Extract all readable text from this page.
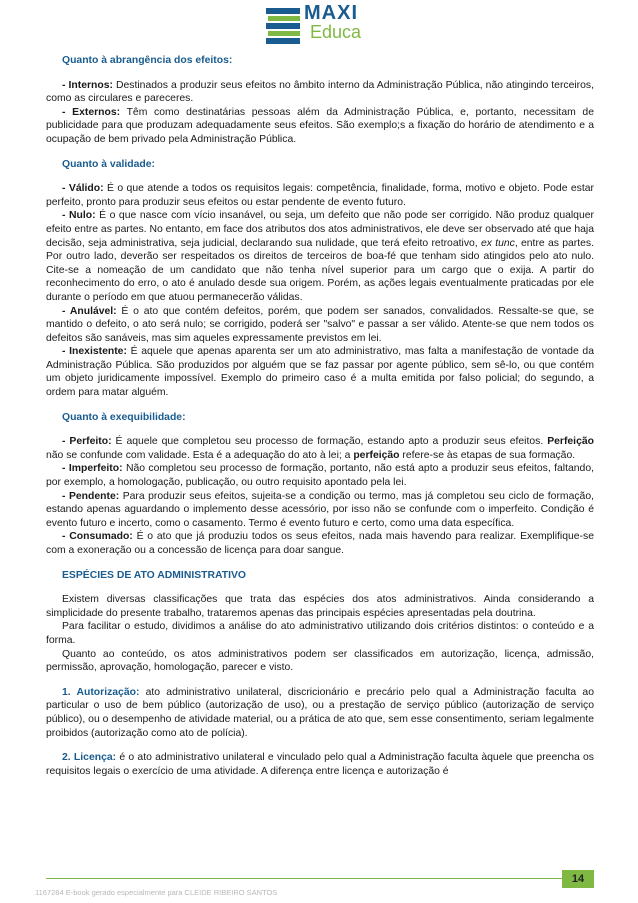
MAXI
Educa

Quanto à abrangência dos efeitos:

- Internos: Destinados a produzir seus efeitos no âmbito interno da Administração Pública, não atingindo terceiros, como as circulares e pareceres.

- Externos: Têm como destinatárias pessoas além da Administração Pública, e, portanto, necessitam de publicidade para que produzam adequadamente seus efeitos. São exemplo;s a fixação do horário de atendimento e a ocupação de bem privado pela Administração Pública.

Quanto à validade:

- Válido: É o que atende a todos os requisitos legais: competência, finalidade, forma, motivo e objeto. Pode estar perfeito, pronto para produzir seus efeitos ou estar pendente de evento futuro.

- Nulo: É o que nasce com vício insanável, ou seja, um defeito que não pode ser corrigido. Não produz qualquer efeito entre as partes. No entanto, em face dos atributos dos atos administrativos, ele deve ser observado até que haja decisão, seja administrativa, seja judicial, declarando sua nulidade, que terá efeito retroativo, ex tunc, entre as partes. Por outro lado, deverão ser respeitados os direitos de terceiros de boa-fé que tenham sido atingidos pelo ato nulo. Cite-se a nomeação de um candidato que não tenha nível superior para um cargo que o exija. A partir do reconhecimento do erro, o ato é anulado desde sua origem. Porém, as ações legais eventualmente praticadas por ele durante o período em que atuou permanecerão válidas.

- Anulável: É o ato que contém defeitos, porém, que podem ser sanados, convalidados. Ressalte-se que, se mantido o defeito, o ato será nulo; se corrigido, poderá ser "salvo" e passar a ser válido. Atente-se que nem todos os defeitos são sanáveis, mas sim aqueles expressamente previstos em lei.

- Inexistente: É aquele que apenas aparenta ser um ato administrativo, mas falta a manifestação de vontade da Administração Pública. São produzidos por alguém que se faz passar por agente público, sem sê-lo, ou que contém um objeto juridicamente impossível. Exemplo do primeiro caso é a multa emitida por falso policial; do segundo, a ordem para matar alguém.

Quanto à exequibilidade:

- Perfeito: É aquele que completou seu processo de formação, estando apto a produzir seus efeitos. Perfeição não se confunde com validade. Esta é a adequação do ato à lei; a perfeição refere-se às etapas de sua formação.

- Imperfeito: Não completou seu processo de formação, portanto, não está apto a produzir seus efeitos, faltando, por exemplo, a homologação, publicação, ou outro requisito apontado pela lei.

- Pendente: Para produzir seus efeitos, sujeita-se a condição ou termo, mas já completou seu ciclo de formação, estando apenas aguardando o implemento desse acessório, por isso não se confunde com o imperfeito. Condição é evento futuro e incerto, como o casamento. Termo é evento futuro e certo, como uma data específica.

- Consumado: É o ato que já produziu todos os seus efeitos, nada mais havendo para realizar. Exemplifique-se com a exoneração ou a concessão de licença para doar sangue.

ESPÉCIES DE ATO ADMINISTRATIVO

Existem diversas classificações que trata das espécies dos atos administrativos. Ainda considerando a simplicidade do presente trabalho, trataremos apenas das principais espécies apresentadas pela doutrina.

Para facilitar o estudo, dividimos a análise do ato administrativo utilizando dois critérios distintos: o conteúdo e a forma.

Quanto ao conteúdo, os atos administrativos podem ser classificados em autorização, licença, admissão, permissão, aprovação, homologação, parecer e visto.

1. Autorização: ato administrativo unilateral, discricionário e precário pelo qual a Administração faculta ao particular o uso de bem público (autorização de uso), ou a prestação de serviço público (autorização de serviço público), ou o desempenho de atividade material, ou a prática de ato que, sem esse consentimento, seriam legalmente proibidos (autorização como ato de polícia).

2. Licença: é o ato administrativo unilateral e vinculado pelo qual a Administração faculta àquele que preencha os requisitos legais o exercício de uma atividade. A diferença entre licença e autorização é

14
1167284 E-book gerado especialmente para CLEIDE RIBEIRO SANTOS
